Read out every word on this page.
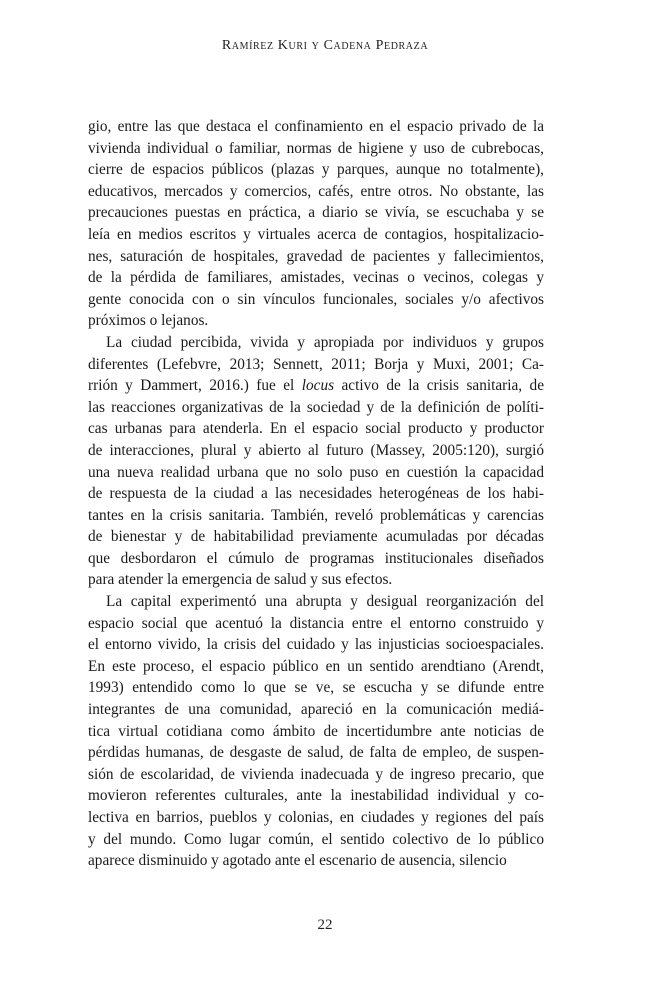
Ramírez Kuri y Cadena Pedraza
gio, entre las que destaca el confinamiento en el espacio privado de la
vivienda individual o familiar, normas de higiene y uso de cubrebocas,
cierre de espacios públicos (plazas y parques, aunque no totalmente),
educativos, mercados y comercios, cafés, entre otros. No obstante, las
precauciones puestas en práctica, a diario se vivía, se escuchaba y se
leía en medios escritos y virtuales acerca de contagios, hospitalizacio-
nes, saturación de hospitales, gravedad de pacientes y fallecimientos,
de la pérdida de familiares, amistades, vecinas o vecinos, colegas y
gente conocida con o sin vínculos funcionales, sociales y/o afectivos
próximos o lejanos.
La ciudad percibida, vivida y apropiada por individuos y grupos
diferentes (Lefebvre, 2013; Sennett, 2011; Borja y Muxi, 2001; Ca-
rrión y Dammert, 2016.) fue el locus activo de la crisis sanitaria, de
las reacciones organizativas de la sociedad y de la definición de políti-
cas urbanas para atenderla. En el espacio social producto y productor
de interacciones, plural y abierto al futuro (Massey, 2005:120), surgió
una nueva realidad urbana que no solo puso en cuestión la capacidad
de respuesta de la ciudad a las necesidades heterogéneas de los habi-
tantes en la crisis sanitaria. También, reveló problemáticas y carencias
de bienestar y de habitabilidad previamente acumuladas por décadas
que desbordaron el cúmulo de programas institucionales diseñados
para atender la emergencia de salud y sus efectos.
La capital experimentó una abrupta y desigual reorganización del
espacio social que acentuó la distancia entre el entorno construido y
el entorno vivido, la crisis del cuidado y las injusticias socioespaciales.
En este proceso, el espacio público en un sentido arendtiano (Arendt,
1993) entendido como lo que se ve, se escucha y se difunde entre
integrantes de una comunidad, apareció en la comunicación mediá-
tica virtual cotidiana como ámbito de incertidumbre ante noticias de
pérdidas humanas, de desgaste de salud, de falta de empleo, de suspen-
sión de escolaridad, de vivienda inadecuada y de ingreso precario, que
movieron referentes culturales, ante la inestabilidad individual y co-
lectiva en barrios, pueblos y colonias, en ciudades y regiones del país
y del mundo. Como lugar común, el sentido colectivo de lo público
aparece disminuido y agotado ante el escenario de ausencia, silencio
22
